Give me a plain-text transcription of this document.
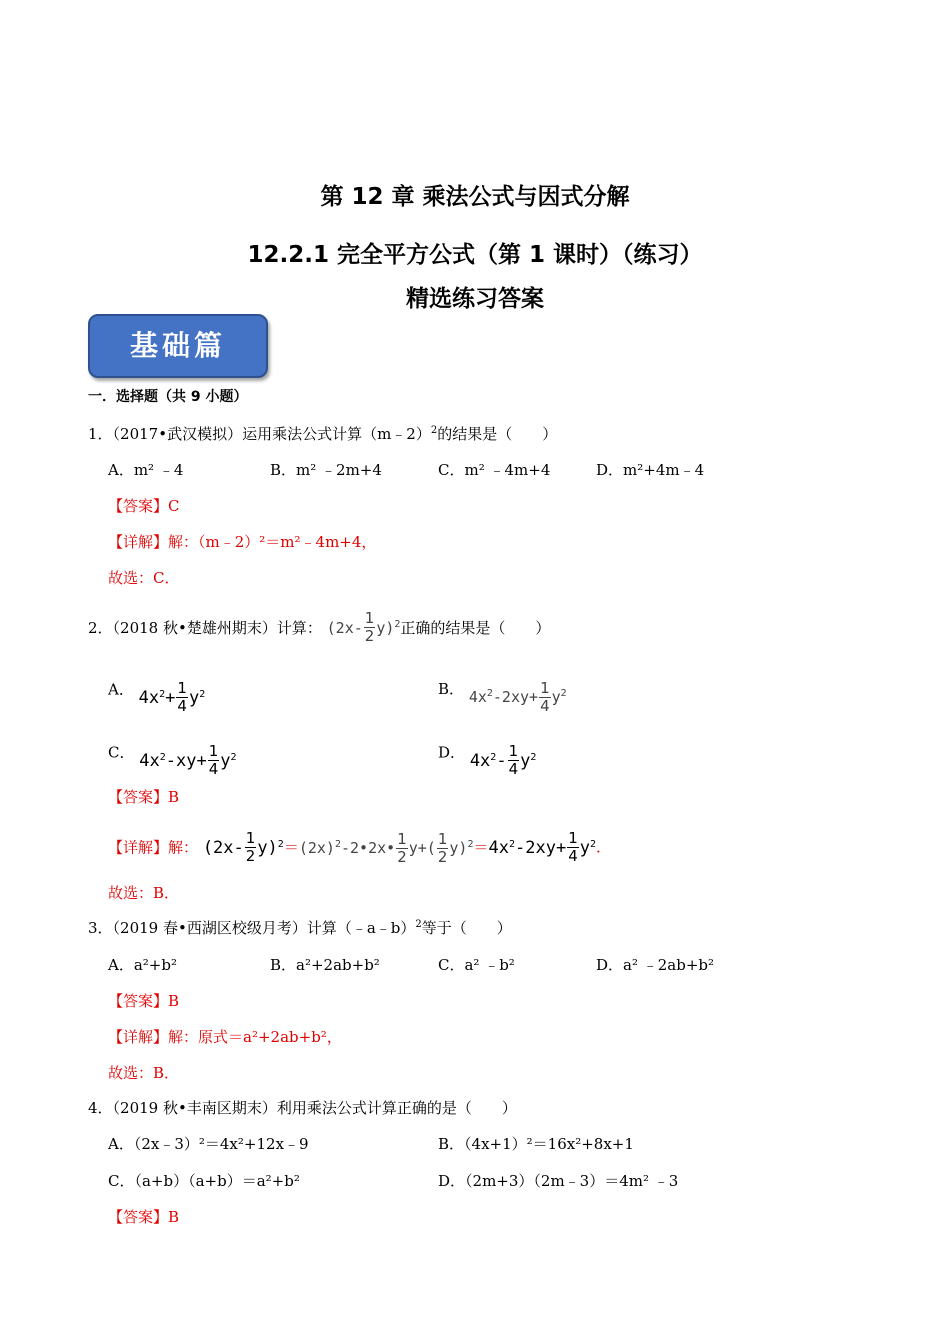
第 12 章 乘法公式与因式分解
12.2.1 完全平方公式（第 1 课时）（练习）
精选练习答案
基础篇
一．选择题（共 9 小题）
1．（2017•武汉模拟）运用乘法公式计算（m﹣2）$^2$的结果是（　　）
A．m² ﹣4	B．m² ﹣2m+4	C．m² ﹣4m+4	D．m²+4m﹣4
【答案】C
【详解】解：（m﹣2）²＝m²﹣4m+4，
故选：C．
2．（2018 秋•楚雄州期末）计算： $(2x- \frac{1}{2} y)^2$正确的结果是（　　）
A． $4x^2+ \frac{1}{4} y^2$	B． $4x^2-2xy+ \frac{1}{4} y^2$
C． $4x^2-xy+ \frac{1}{4} y^2$	D． $4x^2- \frac{1}{4} y^2$
【答案】B
【详解】解： ($2x- \frac{1}{2}$ $y)^2=(2x)^2-2•2x• \frac{1}{2} y+( \frac{1}{2} y)^2=4x^2-2xy+ \frac{1}{4} y^2$.
故选：B．
3．（2019 春•西湖区校级月考）计算（﹣a﹣b）$^2$等于（　　）
A．a²+b²	B．a²+2ab+b²	C．a² ﹣b²	D．a² ﹣2ab+b²
【答案】B
【详解】解：原式＝a²+2ab+b²，
故选：B．
4．（2019 秋•丰南区期末）利用乘法公式计算正确的是（　　）
A．（2x﹣3）²＝4x²+12x﹣9	B．（4x+1）²＝16x²+8x+1
C．（a+b）（a+b）＝a²+b²	D．（2m+3）（2m﹣3）＝4m² ﹣3
【答案】B
